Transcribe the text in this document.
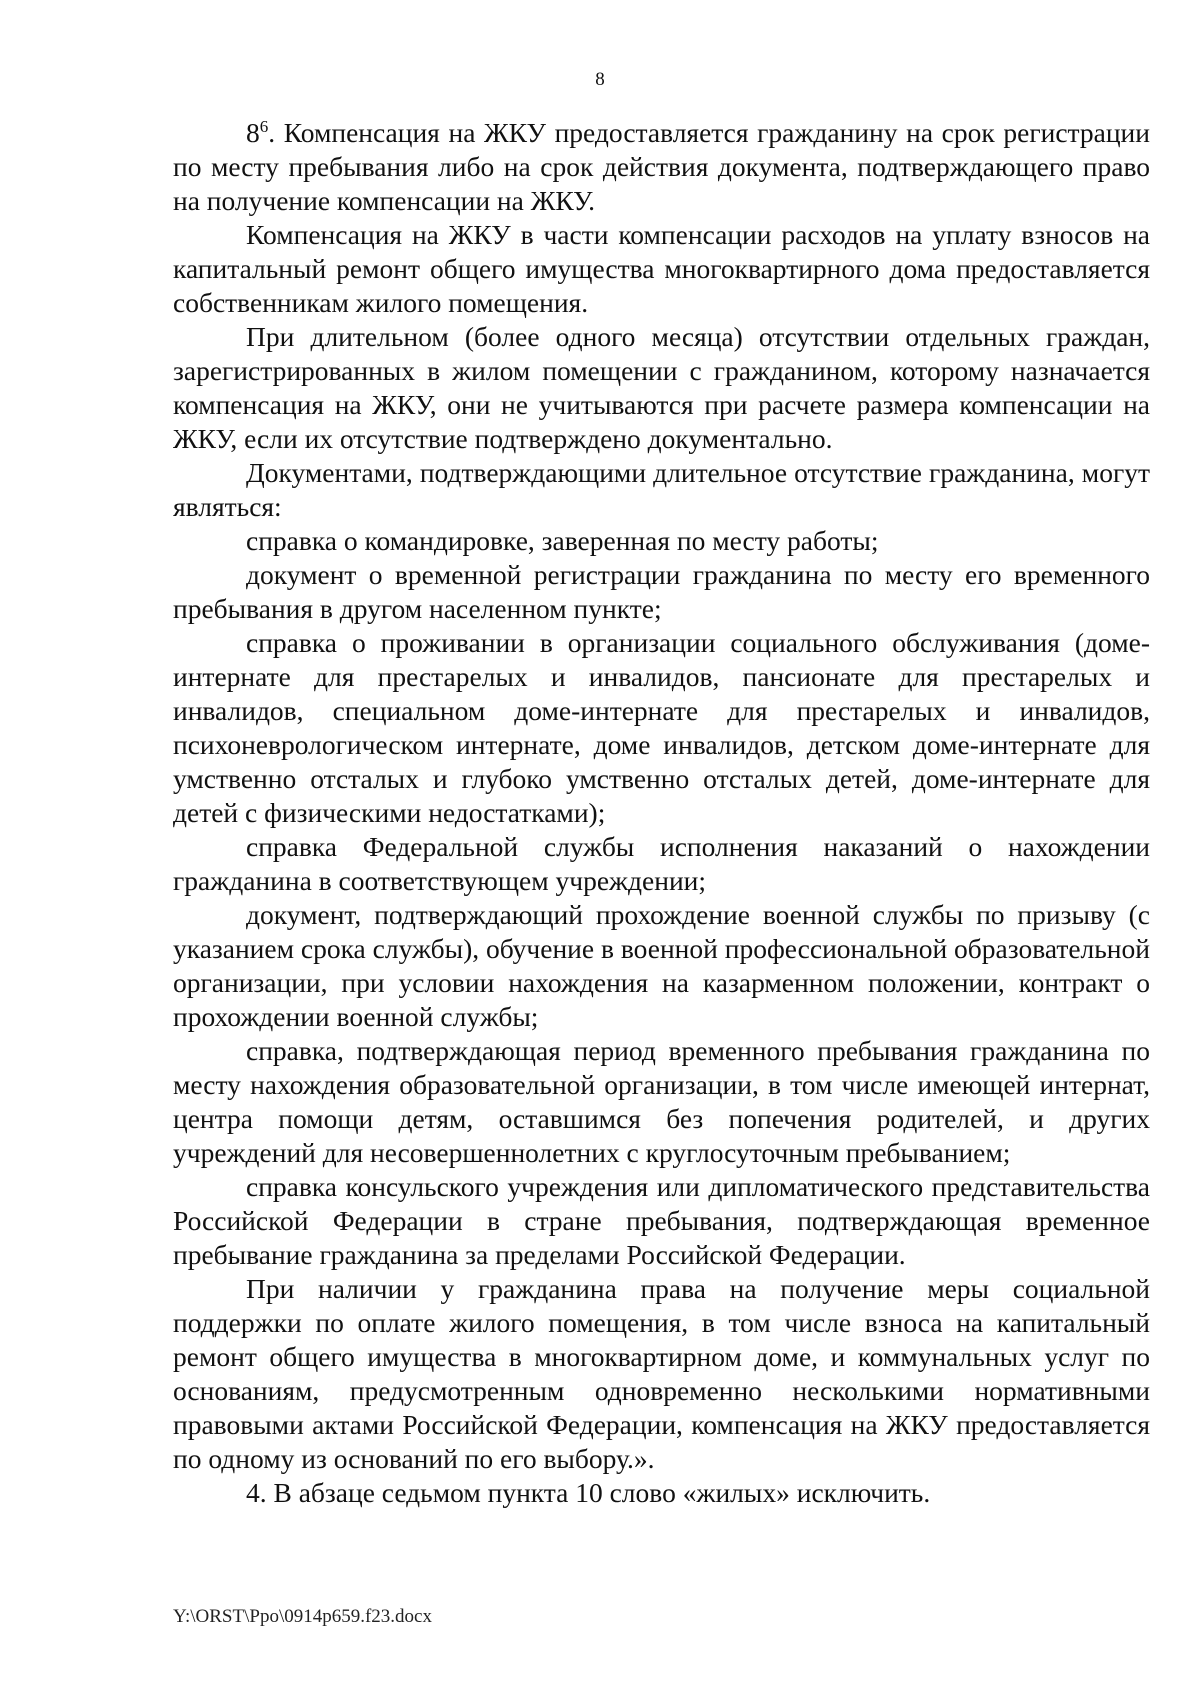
8

$8^6$. Компенсация на ЖКУ предоставляется гражданину на срок регистрации по месту пребывания либо на срок действия документа, подтверждающего право на получение компенсации на ЖКУ.

Компенсация на ЖКУ в части компенсации расходов на уплату взносов на капитальный ремонт общего имущества многоквартирного дома предоставляется собственникам жилого помещения.

При длительном (более одного месяца) отсутствии отдельных граждан, зарегистрированных в жилом помещении с гражданином, которому назначается компенсация на ЖКУ, они не учитываются при расчете размера компенсации на ЖКУ, если их отсутствие подтверждено документально.

Документами, подтверждающими длительное отсутствие гражданина, могут являться:

справка о командировке, заверенная по месту работы;

документ о временной регистрации гражданина по месту его временного пребывания в другом населенном пункте;

справка о проживании в организации социального обслуживания (доме-интернате для престарелых и инвалидов, пансионате для престарелых и инвалидов, специальном доме-интернате для престарелых и инвалидов, психоневрологическом интернате, доме инвалидов, детском доме-интернате для умственно отсталых и глубоко умственно отсталых детей, доме-интернате для детей с физическими недостатками);

справка Федеральной службы исполнения наказаний о нахождении гражданина в соответствующем учреждении;

документ, подтверждающий прохождение военной службы по призыву (с указанием срока службы), обучение в военной профессиональной образовательной организации, при условии нахождения на казарменном положении, контракт о прохождении военной службы;

справка, подтверждающая период временного пребывания гражданина по месту нахождения образовательной организации, в том числе имеющей интернат, центра помощи детям, оставшимся без попечения родителей, и других учреждений для несовершеннолетних с круглосуточным пребыванием;

справка консульского учреждения или дипломатического представительства Российской Федерации в стране пребывания, подтверждающая временное пребывание гражданина за пределами Российской Федерации.

При наличии у гражданина права на получение меры социальной поддержки по оплате жилого помещения, в том числе взноса на капитальный ремонт общего имущества в многоквартирном доме, и коммунальных услуг по основаниям, предусмотренным одновременно несколькими нормативными правовыми актами Российской Федерации, компенсация на ЖКУ предоставляется по одному из оснований по его выбору.».

4. В абзаце седьмом пункта 10 слово «жилых» исключить.

Y:\ORST\Ppo\0914p659.f23.docx
